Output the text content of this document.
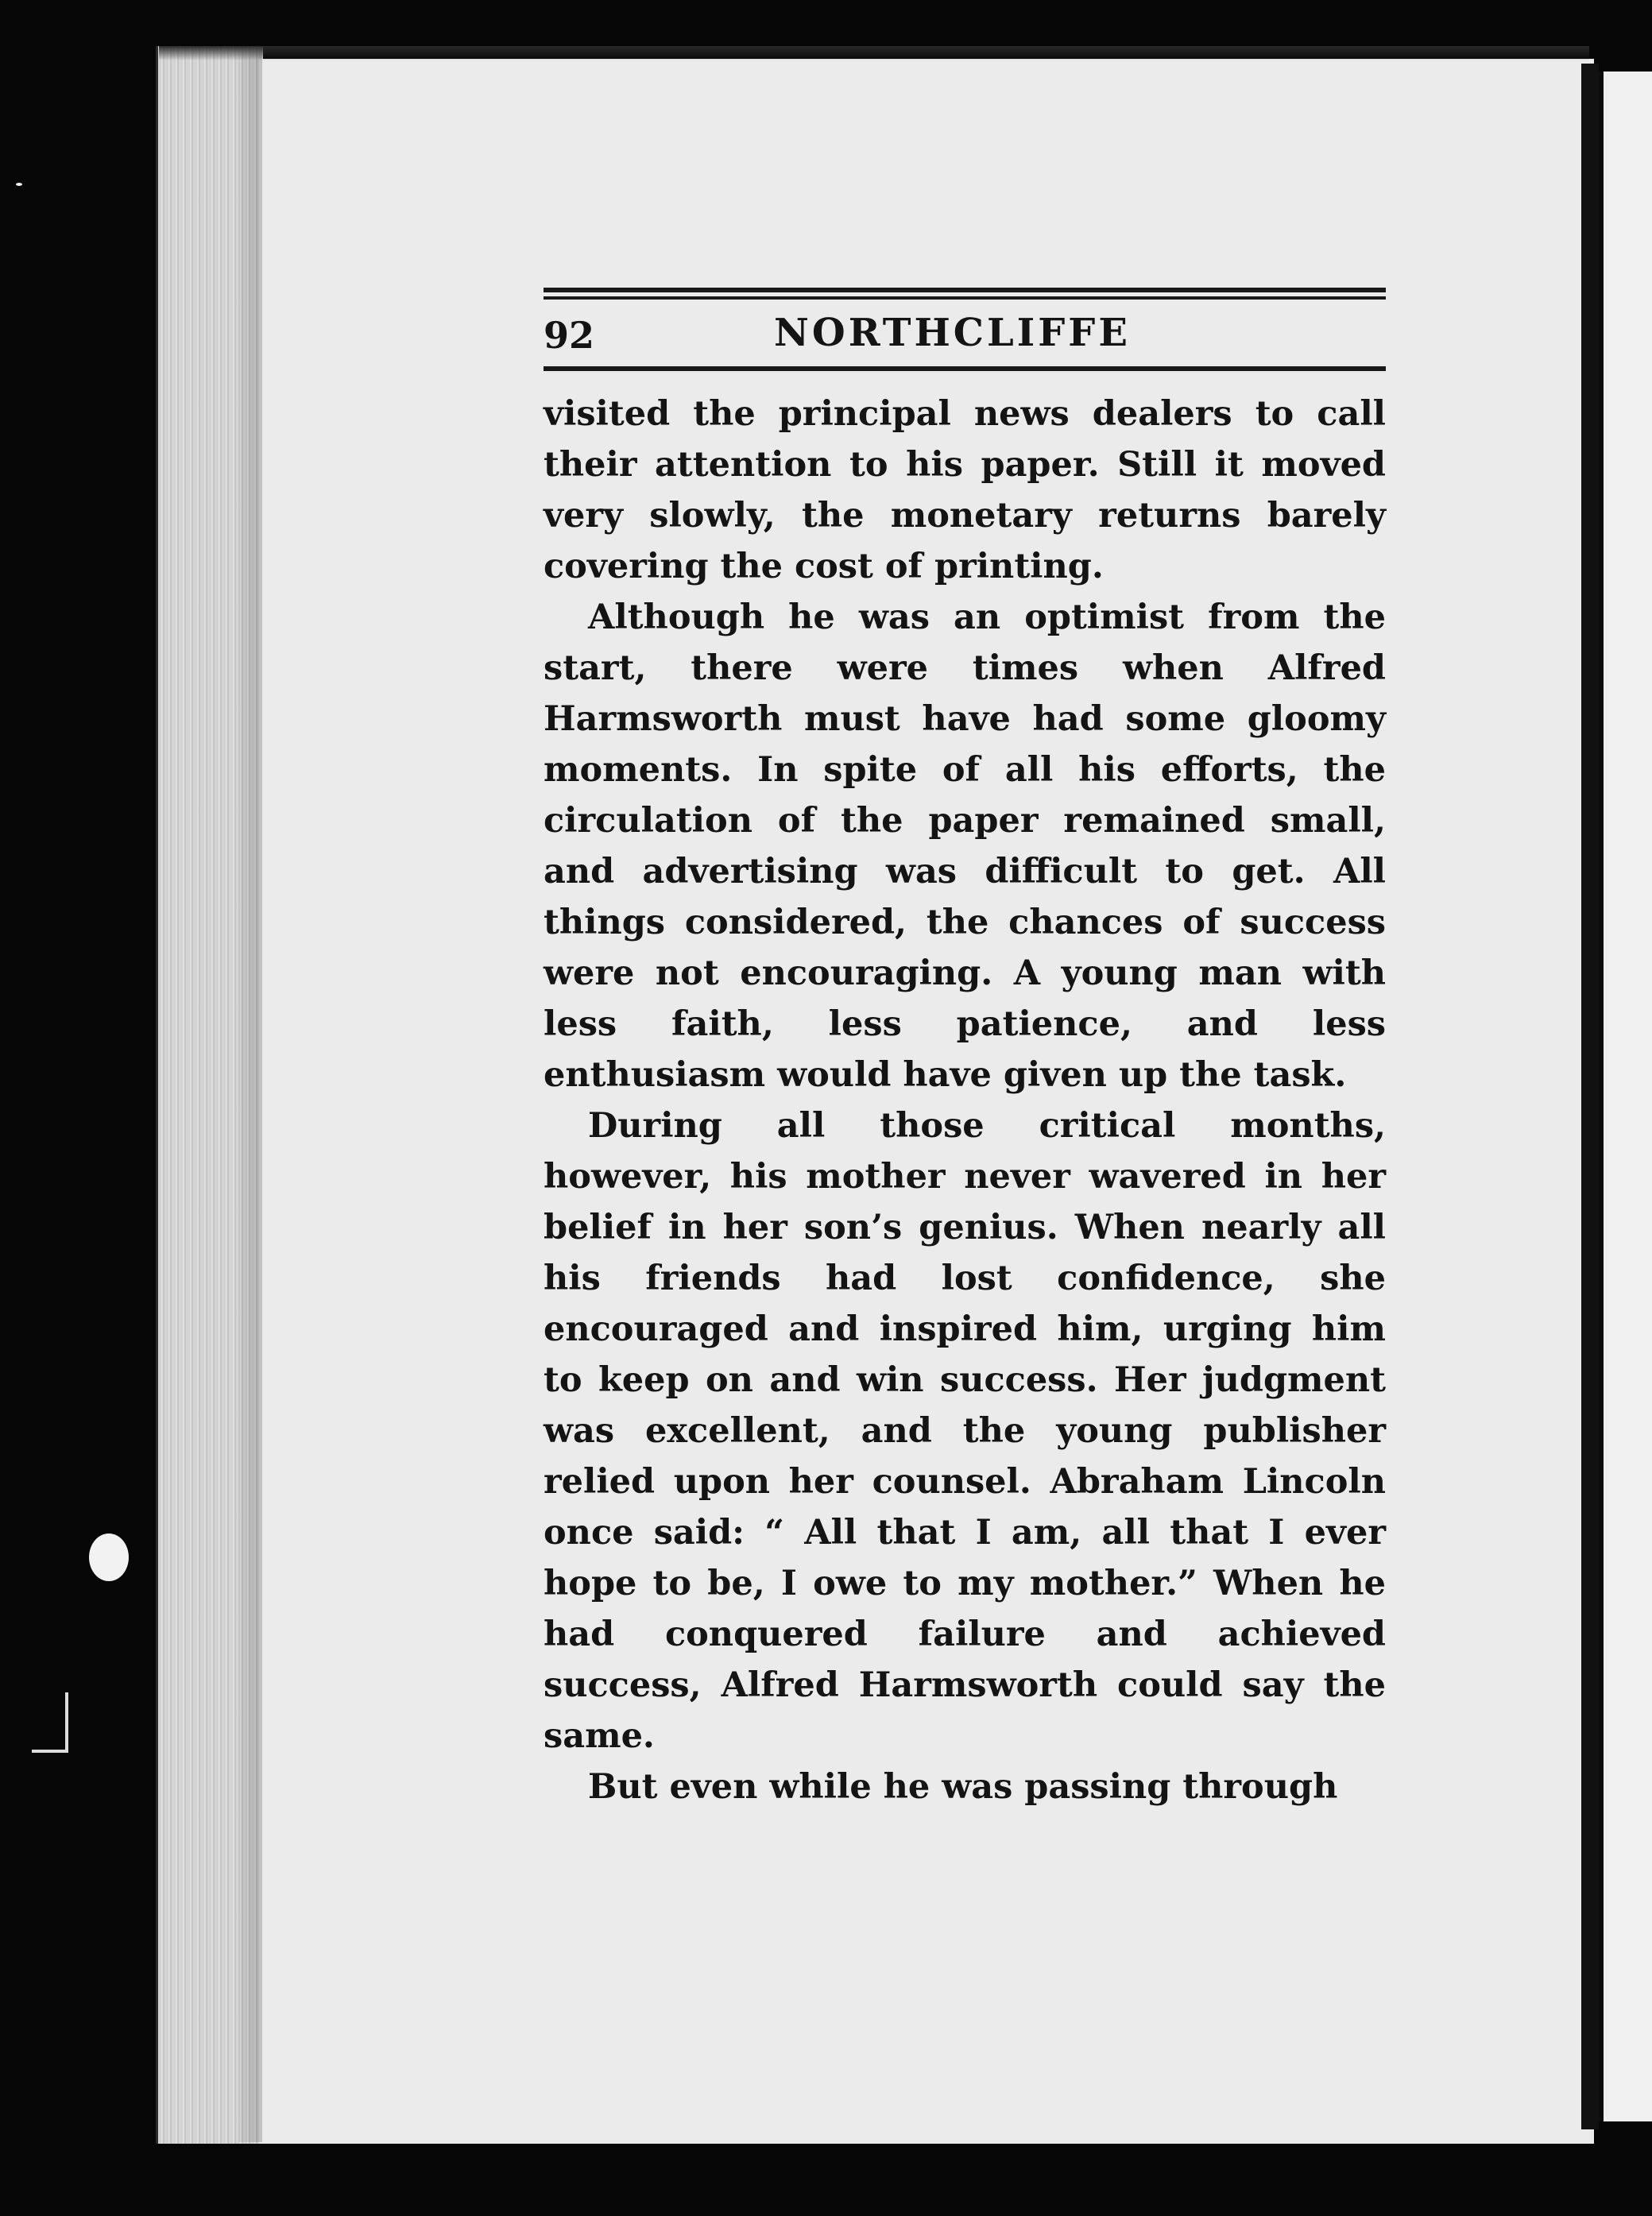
92	NORTHCLIFFE

visited the principal news dealers to call their attention to his paper. Still it moved very slowly, the monetary returns barely covering the cost of printing.

Although he was an optimist from the start, there were times when Alfred Harmsworth must have had some gloomy moments. In spite of all his efforts, the circulation of the paper remained small, and advertising was difficult to get. All things considered, the chances of success were not encouraging. A young man with less faith, less patience, and less enthusiasm would have given up the task.

During all those critical months, however, his mother never wavered in her belief in her son’s genius. When nearly all his friends had lost confidence, she encouraged and inspired him, urging him to keep on and win success. Her judgment was excellent, and the young publisher relied upon her counsel. Abraham Lincoln once said: “ All that I am, all that I ever hope to be, I owe to my mother.” When he had conquered failure and achieved success, Alfred Harmsworth could say the same.

But even while he was passing through
